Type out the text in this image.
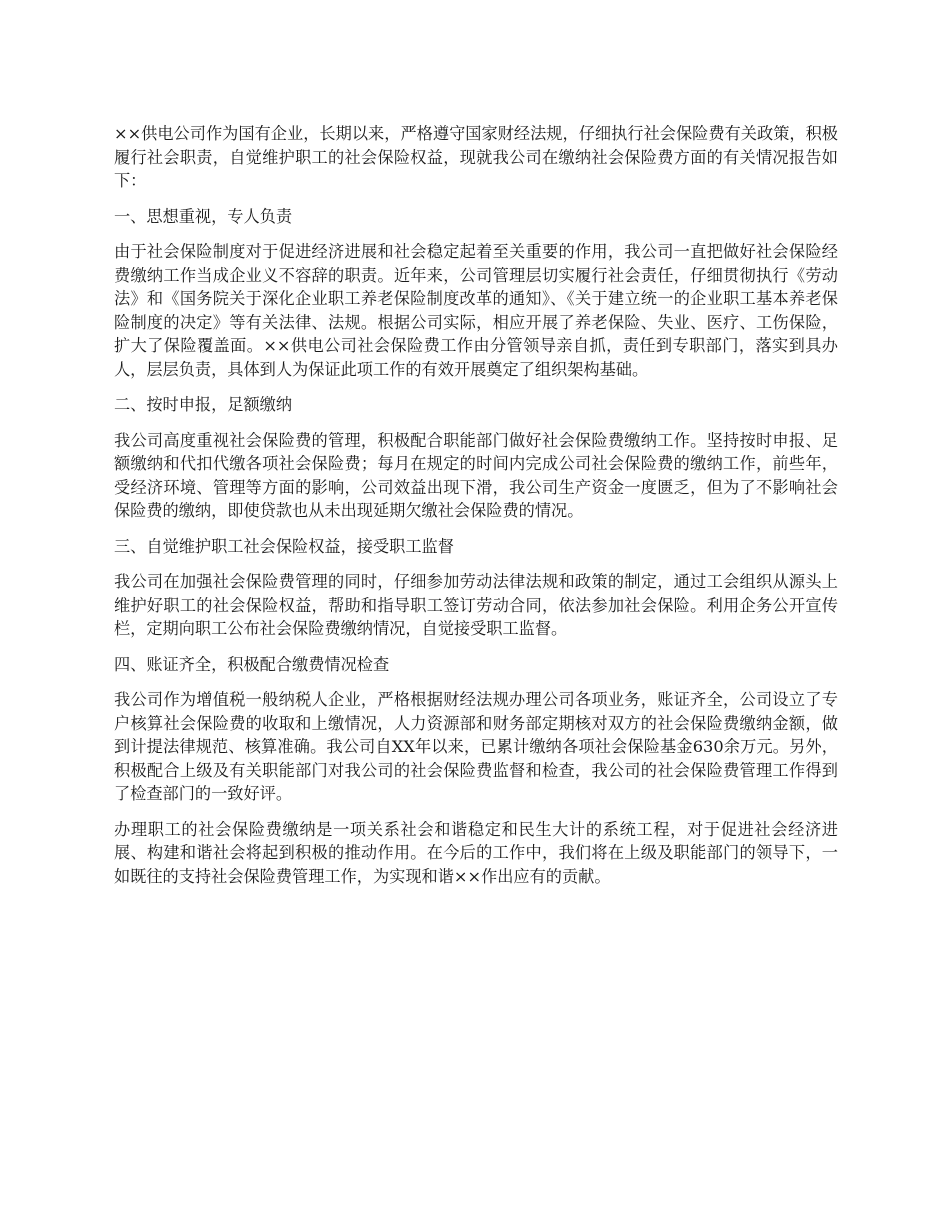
××供电公司作为国有企业，长期以来，严格遵守国家财经法规，仔细执行社会保险费有关政策，积极履行社会职责，自觉维护职工的社会保险权益，现就我公司在缴纳社会保险费方面的有关情况报告如下：

一、思想重视，专人负责

由于社会保险制度对于促进经济进展和社会稳定起着至关重要的作用，我公司一直把做好社会保险经费缴纳工作当成企业义不容辞的职责。近年来，公司管理层切实履行社会责任，仔细贯彻执行《劳动法》和《国务院关于深化企业职工养老保险制度改革的通知》、《关于建立统一的企业职工基本养老保险制度的决定》等有关法律、法规。根据公司实际，相应开展了养老保险、失业、医疗、工伤保险，扩大了保险覆盖面。××供电公司社会保险费工作由分管领导亲自抓，责任到专职部门，落实到具办人，层层负责，具体到人为保证此项工作的有效开展奠定了组织架构基础。

二、按时申报，足额缴纳

我公司高度重视社会保险费的管理，积极配合职能部门做好社会保险费缴纳工作。坚持按时申报、足额缴纳和代扣代缴各项社会保险费；每月在规定的时间内完成公司社会保险费的缴纳工作，前些年，受经济环境、管理等方面的影响，公司效益出现下滑，我公司生产资金一度匮乏，但为了不影响社会保险费的缴纳，即使贷款也从未出现延期欠缴社会保险费的情况。

三、自觉维护职工社会保险权益，接受职工监督

我公司在加强社会保险费管理的同时，仔细参加劳动法律法规和政策的制定，通过工会组织从源头上维护好职工的社会保险权益，帮助和指导职工签订劳动合同，依法参加社会保险。利用企务公开宣传栏，定期向职工公布社会保险费缴纳情况，自觉接受职工监督。

四、账证齐全，积极配合缴费情况检查

我公司作为增值税一般纳税人企业，严格根据财经法规办理公司各项业务，账证齐全，公司设立了专户核算社会保险费的收取和上缴情况，人力资源部和财务部定期核对双方的社会保险费缴纳金额，做到计提法律规范、核算准确。我公司自XX年以来，已累计缴纳各项社会保险基金630余万元。另外，积极配合上级及有关职能部门对我公司的社会保险费监督和检查，我公司的社会保险费管理工作得到了检查部门的一致好评。

办理职工的社会保险费缴纳是一项关系社会和谐稳定和民生大计的系统工程，对于促进社会经济进展、构建和谐社会将起到积极的推动作用。在今后的工作中，我们将在上级及职能部门的领导下，一如既往的支持社会保险费管理工作，为实现和谐××作出应有的贡献。
